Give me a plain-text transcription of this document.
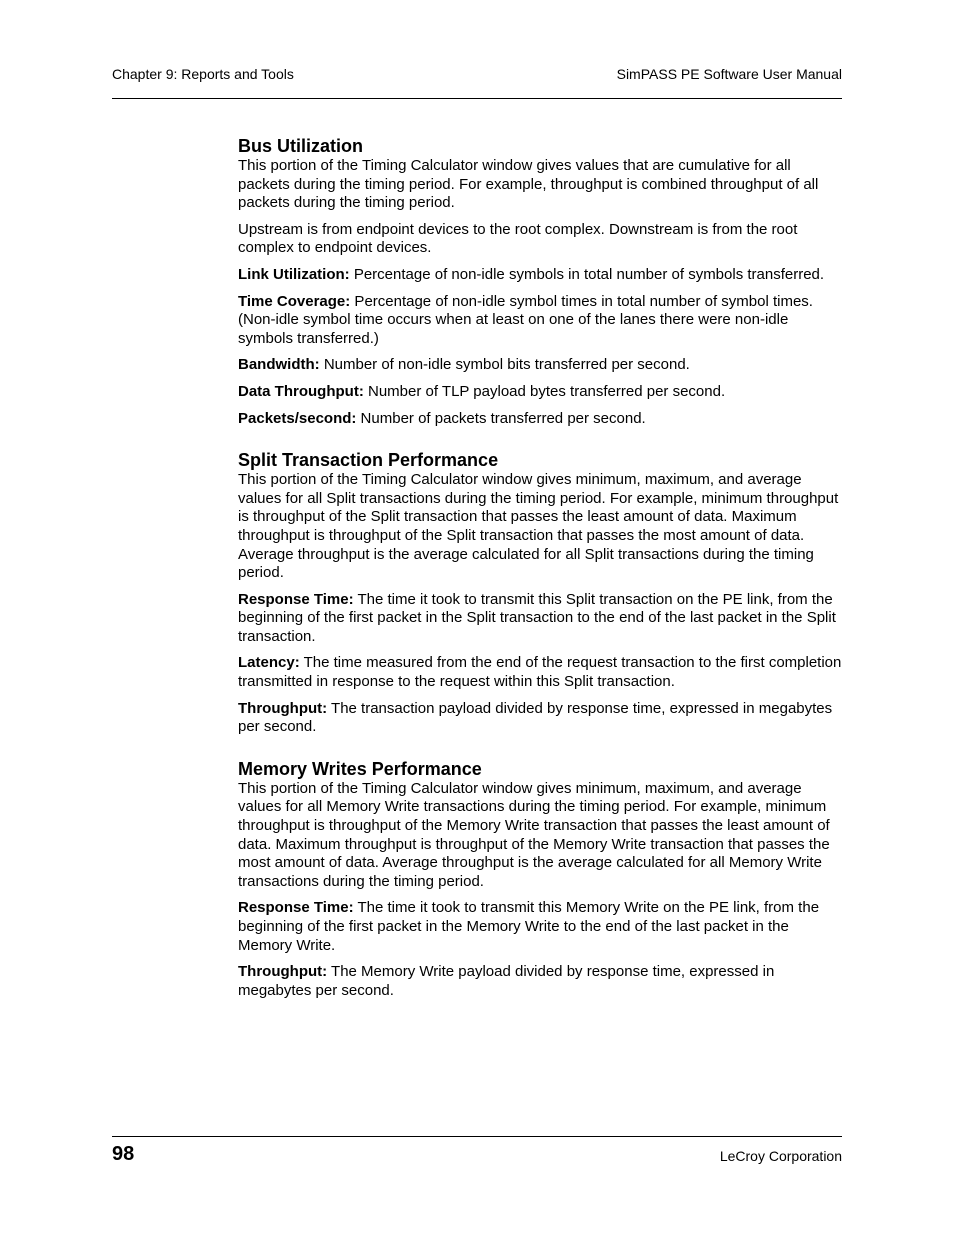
Chapter 9: Reports and Tools	SimPASS PE Software User Manual
Bus Utilization

This portion of the Timing Calculator window gives values that are cumulative for all packets during the timing period. For example, throughput is combined throughput of all packets during the timing period.

Upstream is from endpoint devices to the root complex. Downstream is from the root complex to endpoint devices.

Link Utilization: Percentage of non-idle symbols in total number of symbols transferred.

Time Coverage: Percentage of non-idle symbol times in total number of symbol times. (Non-idle symbol time occurs when at least on one of the lanes there were non-idle symbols transferred.)

Bandwidth: Number of non-idle symbol bits transferred per second.

Data Throughput: Number of TLP payload bytes transferred per second.

Packets/second: Number of packets transferred per second.

Split Transaction Performance

This portion of the Timing Calculator window gives minimum, maximum, and average values for all Split transactions during the timing period. For example, minimum throughput is throughput of the Split transaction that passes the least amount of data. Maximum throughput is throughput of the Split transaction that passes the most amount of data. Average throughput is the average calculated for all Split transactions during the timing period.

Response Time: The time it took to transmit this Split transaction on the PE link, from the beginning of the first packet in the Split transaction to the end of the last packet in the Split transaction.

Latency: The time measured from the end of the request transaction to the first completion transmitted in response to the request within this Split transaction.

Throughput: The transaction payload divided by response time, expressed in megabytes per second.

Memory Writes Performance

This portion of the Timing Calculator window gives minimum, maximum, and average values for all Memory Write transactions during the timing period. For example, minimum throughput is throughput of the Memory Write transaction that passes the least amount of data. Maximum throughput is throughput of the Memory Write transaction that passes the most amount of data. Average throughput is the average calculated for all Memory Write transactions during the timing period.

Response Time: The time it took to transmit this Memory Write on the PE link, from the beginning of the first packet in the Memory Write to the end of the last packet in the Memory Write.

Throughput: The Memory Write payload divided by response time, expressed in megabytes per second.

98	LeCroy Corporation
